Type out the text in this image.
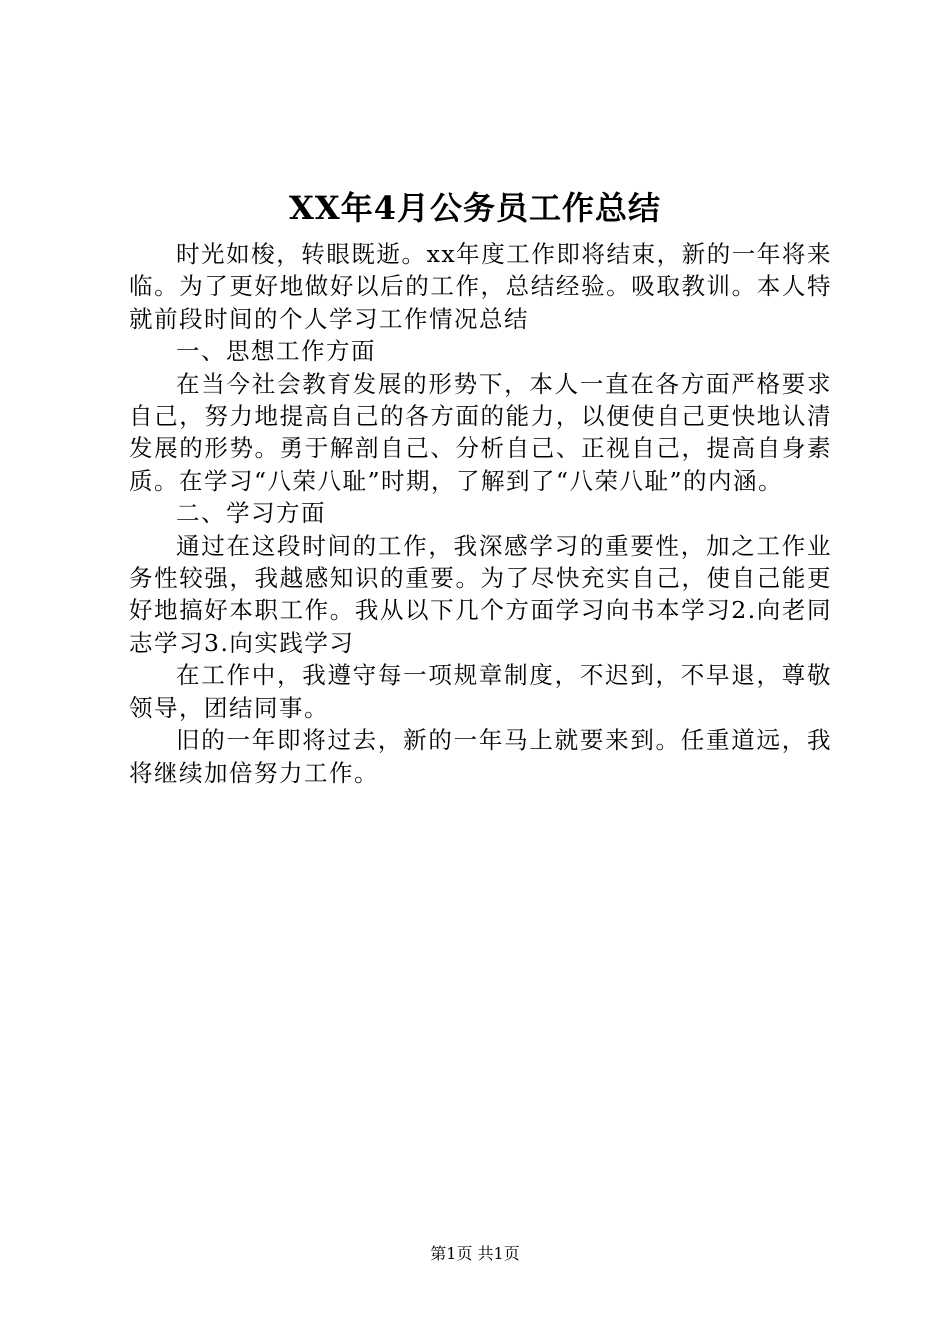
XX年4月公务员工作总结

时光如梭，转眼既逝。xx年度工作即将结束，新的一年将来临。为了更好地做好以后的工作，总结经验。吸取教训。本人特就前段时间的个人学习工作情况总结

一、思想工作方面

在当今社会教育发展的形势下，本人一直在各方面严格要求自己，努力地提高自己的各方面的能力，以便使自己更快地认清发展的形势。勇于解剖自己、分析自己、正视自己，提高自身素质。在学习“八荣八耻”时期，了解到了“八荣八耻”的内涵。

二、学习方面

通过在这段时间的工作，我深感学习的重要性，加之工作业务性较强，我越感知识的重要。为了尽快充实自己，使自己能更好地搞好本职工作。我从以下几个方面学习向书本学习2.向老同志学习3.向实践学习

在工作中，我遵守每一项规章制度，不迟到，不早退，尊敬领导，团结同事。

旧的一年即将过去，新的一年马上就要来到。任重道远，我将继续加倍努力工作。

第1页 共1页
